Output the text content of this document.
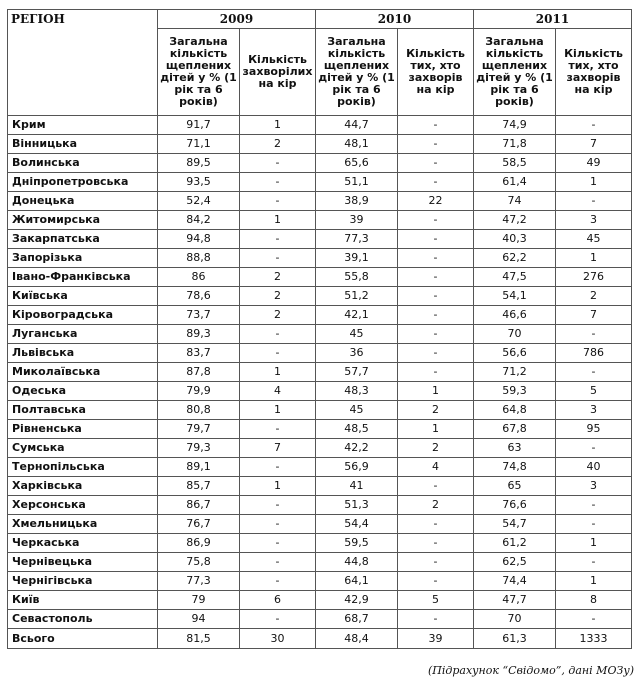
РЕГІОН	2009		2010		2011	
	Загальна кількість щеплених дітей у % (1 рік та 6 років)	Кількість захворілих на кір	Загальна кількість щеплених дітей у % (1 рік та 6 років)	Кількість тих, хто захворів на кір	Загальна кількість щеплених дітей у % (1 рік та 6 років)	Кількість тих, хто захворів на кір
Крим	91,7	1	44,7	-	74,9	-
Вінницька	71,1	2	48,1	-	71,8	7
Волинська	89,5	-	65,6	-	58,5	49
Дніпропетровська	93,5	-	51,1	-	61,4	1
Донецька	52,4	-	38,9	22	74	-
Житомирська	84,2	1	39	-	47,2	3
Закарпатська	94,8	-	77,3	-	40,3	45
Запорізька	88,8	-	39,1	-	62,2	1
Івано-Франківська	86	2	55,8	-	47,5	276
Київська	78,6	2	51,2	-	54,1	2
Кіровоградська	73,7	2	42,1	-	46,6	7
Луганська	89,3	-	45	-	70	-
Львівська	83,7	-	36	-	56,6	786
Миколаївська	87,8	1	57,7	-	71,2	-
Одеська	79,9	4	48,3	1	59,3	5
Полтавська	80,8	1	45	2	64,8	3
Рівненська	79,7	-	48,5	1	67,8	95
Сумська	79,3	7	42,2	2	63	-
Тернопільська	89,1	-	56,9	4	74,8	40
Харківська	85,7	1	41	-	65	3
Херсонська	86,7	-	51,3	2	76,6	-
Хмельницька	76,7	-	54,4	-	54,7	-
Черкаська	86,9	-	59,5	-	61,2	1
Чернівецька	75,8	-	44,8	-	62,5	-
Чернігівська	77,3	-	64,1	-	74,4	1
Київ	79	6	42,9	5	47,7	8
Севастополь	94	-	68,7	-	70	-
Всього	81,5	30	48,4	39	61,3	1333
(Підрахунок “Свідомо”, дані МОЗу)
